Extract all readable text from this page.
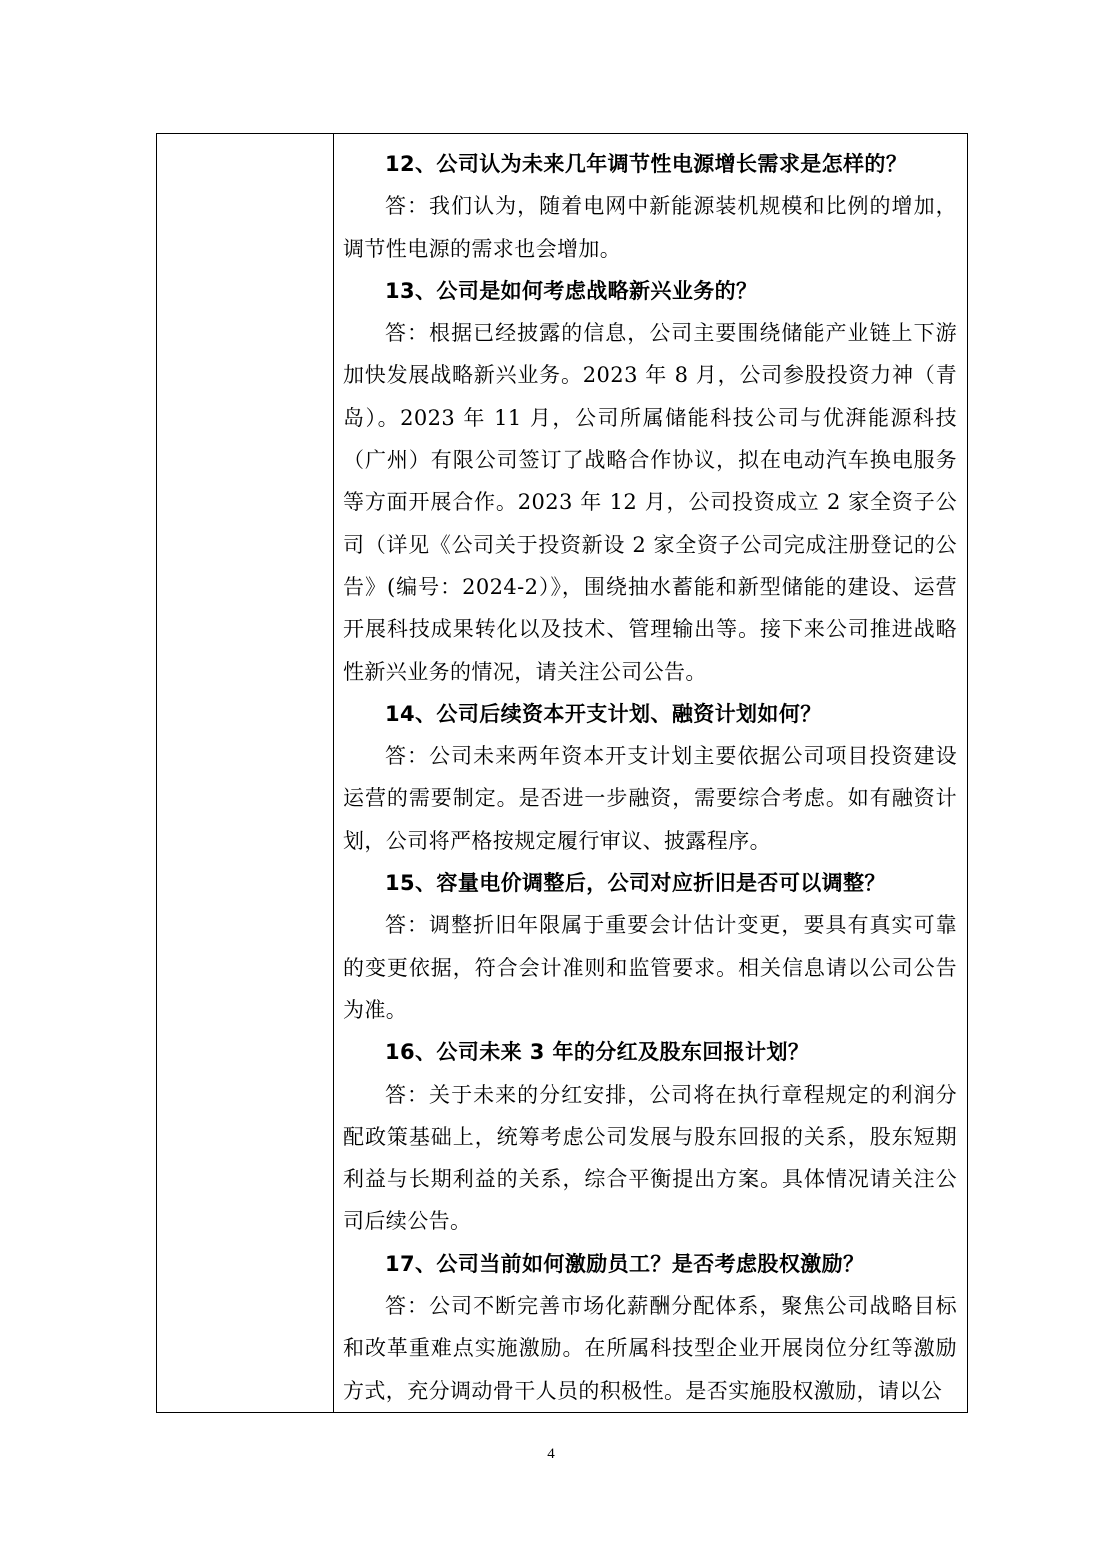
12、公司认为未来几年调节性电源增长需求是怎样的？

答：我们认为，随着电网中新能源装机规模和比例的增加，调节性电源的需求也会增加。

13、公司是如何考虑战略新兴业务的？

答：根据已经披露的信息，公司主要围绕储能产业链上下游加快发展战略新兴业务。2023 年 8 月，公司参股投资力神（青岛）。2023 年 11 月，公司所属储能科技公司与优湃能源科技（广州）有限公司签订了战略合作协议，拟在电动汽车换电服务等方面开展合作。2023 年 12 月，公司投资成立 2 家全资子公司（详见《公司关于投资新设 2 家全资子公司完成注册登记的公告》(编号：2024-2）》，围绕抽水蓄能和新型储能的建设、运营开展科技成果转化以及技术、管理输出等。接下来公司推进战略性新兴业务的情况，请关注公司公告。

14、公司后续资本开支计划、融资计划如何？

答：公司未来两年资本开支计划主要依据公司项目投资建设运营的需要制定。是否进一步融资，需要综合考虑。如有融资计划，公司将严格按规定履行审议、披露程序。

15、容量电价调整后，公司对应折旧是否可以调整？

答：调整折旧年限属于重要会计估计变更，要具有真实可靠的变更依据，符合会计准则和监管要求。相关信息请以公司公告为准。

16、公司未来 3 年的分红及股东回报计划？

答：关于未来的分红安排，公司将在执行章程规定的利润分配政策基础上，统筹考虑公司发展与股东回报的关系，股东短期利益与长期利益的关系，综合平衡提出方案。具体情况请关注公司后续公告。

17、公司当前如何激励员工？是否考虑股权激励？

答：公司不断完善市场化薪酬分配体系，聚焦公司战略目标和改革重难点实施激励。在所属科技型企业开展岗位分红等激励方式，充分调动骨干人员的积极性。是否实施股权激励，请以公

4
